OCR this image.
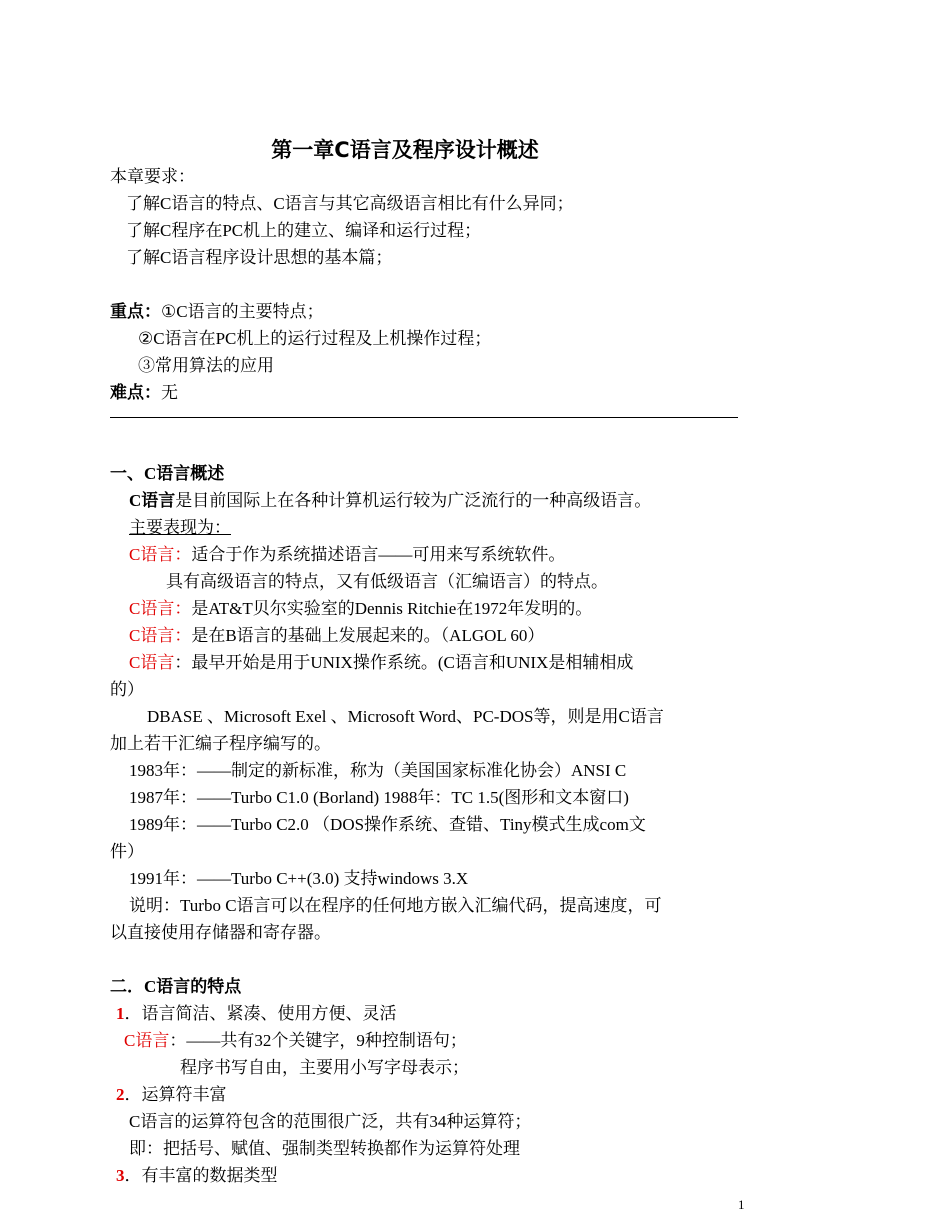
第一章C语言及程序设计概述
本章要求：
了解C语言的特点、C语言与其它高级语言相比有什么异同；
了解C程序在PC机上的建立、编译和运行过程；
了解C语言程序设计思想的基本篇；
重点：①C语言的主要特点；
②C语言在PC机上的运行过程及上机操作过程；
③常用算法的应用
难点：无
一、C语言概述
C语言是目前国际上在各种计算机运行较为广泛流行的一种高级语言。
主要表现为：
C语言：适合于作为系统描述语言——可用来写系统软件。
具有高级语言的特点，又有低级语言（汇编语言）的特点。
C语言：是AT&T贝尔实验室的Dennis Ritchie在1972年发明的。
C语言：是在B语言的基础上发展起来的。（ALGOL 60）
C语言：最早开始是用于UNIX操作系统。(C语言和UNIX是相辅相成
的）
DBASE 、Microsoft Exel 、Microsoft Word、PC-DOS等，则是用C语言
加上若干汇编子程序编写的。
1983年：——制定的新标准，称为（美国国家标准化协会）ANSI C
1987年：——Turbo C1.0 (Borland) 1988年：TC 1.5(图形和文本窗口)
1989年：——Turbo C2.0 （DOS操作系统、查错、Tiny模式生成com文
件）
1991年：——Turbo C++(3.0) 支持windows 3.X
说明：Turbo C语言可以在程序的任何地方嵌入汇编代码，提高速度，可
以直接使用存储器和寄存器。
二．C语言的特点
1．语言简洁、紧凑、使用方便、灵活
C语言：——共有32个关键字，9种控制语句；
程序书写自由，主要用小写字母表示；
2．运算符丰富
C语言的运算符包含的范围很广泛，共有34种运算符；
即：把括号、赋值、强制类型转换都作为运算符处理
3．有丰富的数据类型
1
